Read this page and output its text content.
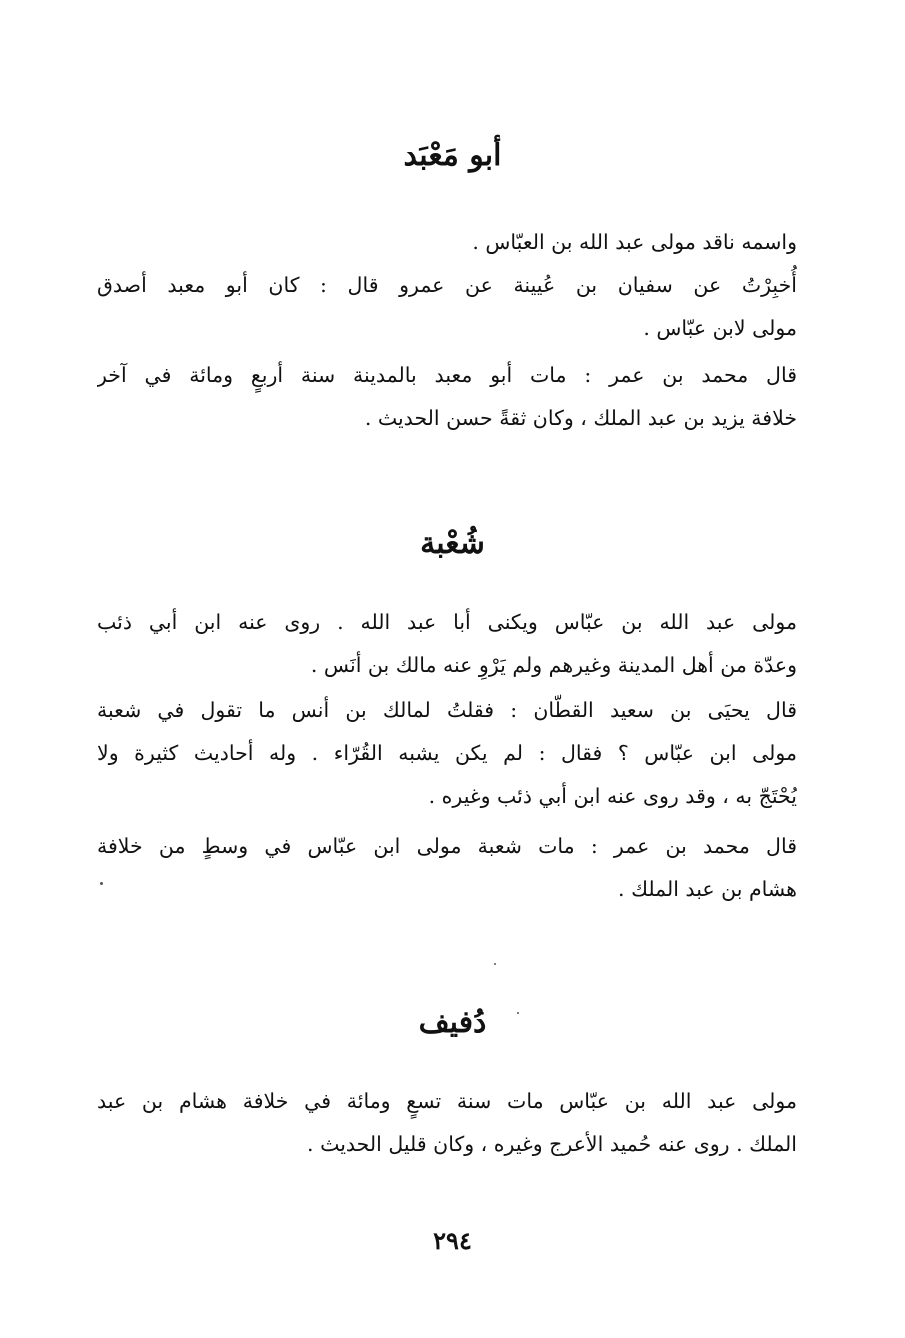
أبو مَعْبَد
واسمه ناقد مولى عبد الله بن العبّاس .
أُخبِرْتُ عن سفيان بن عُيينة عن عمرو قال : كان أبو معبد أصدق
مولى لابن عبّاس .
قال محمد بن عمر : مات أبو معبد بالمدينة سنة أربعٍ ومائة في آخر
خلافة يزيد بن عبد الملك ، وكان ثقةً حسن الحديث .
شُعْبة
مولى عبد الله بن عبّاس ويكنى أبا عبد الله . روى عنه ابن أبي ذئب
وعدّة من أهل المدينة وغيرهم ولم يَرْوِ عنه مالك بن أنَس .
قال يحيَى بن سعيد القطّان : فقلتُ لمالك بن أنس ما تقول في شعبة
مولى ابن عبّاس ؟ فقال : لم يكن يشبه القُرّاء . وله أحاديث كثيرة ولا
يُحْتَجّ به ، وقد روى عنه ابن أبي ذئب وغيره .
قال محمد بن عمر : مات شعبة مولى ابن عبّاس في وسطٍ من خلافة
هشام بن عبد الملك .
دُفيف
مولى عبد الله بن عبّاس مات سنة تسعٍ ومائة في خلافة هشام بن عبد
الملك . روى عنه حُميد الأعرج وغيره ، وكان قليل الحديث .
٢٩٤
